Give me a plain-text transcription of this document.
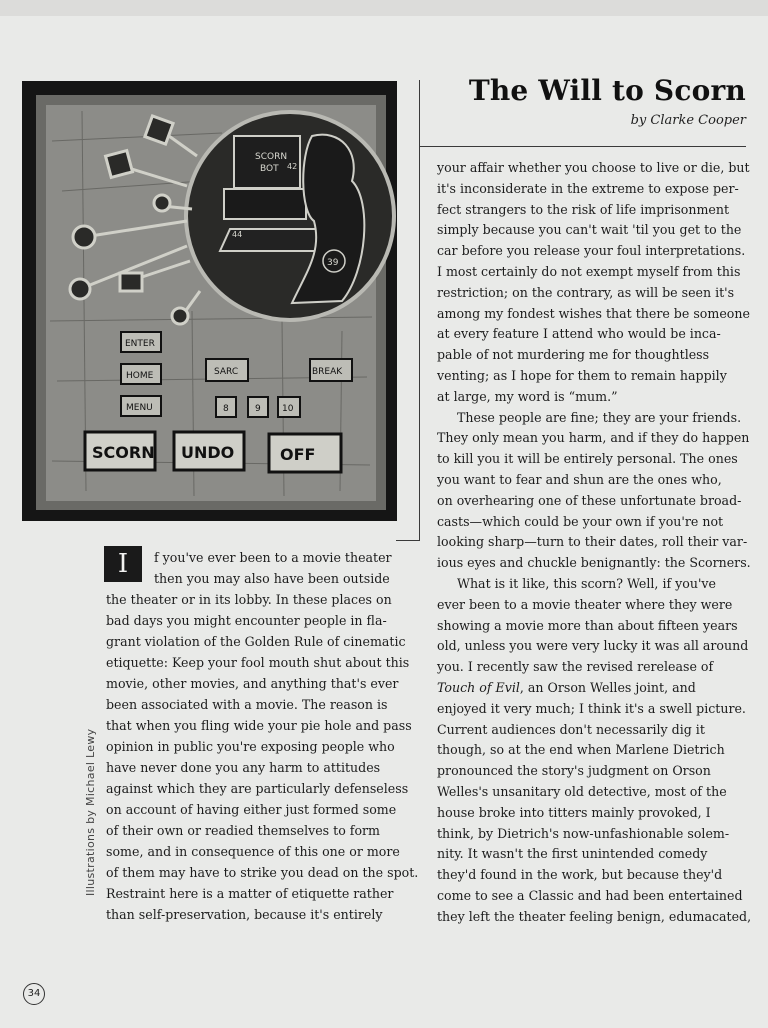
SCORN
BOT 42
44
39
ENTER
HOME
MENU
SARC	BREAK
8	9 10
SCORN UNDO	OFF
The Will to Scorn
by Clarke Cooper
I	f you've ever been to a movie theater
then you may also have been outside
the theater or in its lobby. In these places on
bad days you might encounter people in fla-
grant violation of the Golden Rule of cinematic
etiquette: Keep your fool mouth shut about this
movie, other movies, and anything that's ever
been associated with a movie. The reason is
that when you fling wide your pie hole and pass
opinion in public you're exposing people who
have never done you any harm to attitudes
against which they are particularly defenseless
on account of having either just formed some
of their own or readied themselves to form
some, and in consequence of this one or more
of them may have to strike you dead on the spot.
Restraint here is a matter of etiquette rather
than self-preservation, because it's entirely
your affair whether you choose to live or die, but
it's inconsiderate in the extreme to expose per-
fect strangers to the risk of life imprisonment
simply because you can't wait 'til you get to the
car before you release your foul interpretations.
I most certainly do not exempt myself from this
restriction; on the contrary, as will be seen it's
among my fondest wishes that there be someone
at every feature I attend who would be inca-
pable of not murdering me for thoughtless
venting; as I hope for them to remain happily
at large, my word is “mum.”
These people are fine; they are your friends.
They only mean you harm, and if they do happen
to kill you it will be entirely personal. The ones
you want to fear and shun are the ones who,
on overhearing one of these unfortunate broad-
casts—which could be your own if you're not
looking sharp—turn to their dates, roll their var-
ious eyes and chuckle benignantly: the Scorners.
What is it like, this scorn? Well, if you've
ever been to a movie theater where they were
showing a movie more than about fifteen years
old, unless you were very lucky it was all around
you. I recently saw the revised rerelease of
Touch of Evil, an Orson Welles joint, and
enjoyed it very much; I think it's a swell picture.
Current audiences don't necessarily dig it
though, so at the end when Marlene Dietrich
pronounced the story's judgment on Orson
Welles's unsanitary old detective, most of the
house broke into titters mainly provoked, I
think, by Dietrich's now-unfashionable solem-
nity. It wasn't the first unintended comedy
they'd found in the work, but because they'd
come to see a Classic and had been entertained
they left the theater feeling benign, edumacated,
Illustrations by Michael Lewy
34
